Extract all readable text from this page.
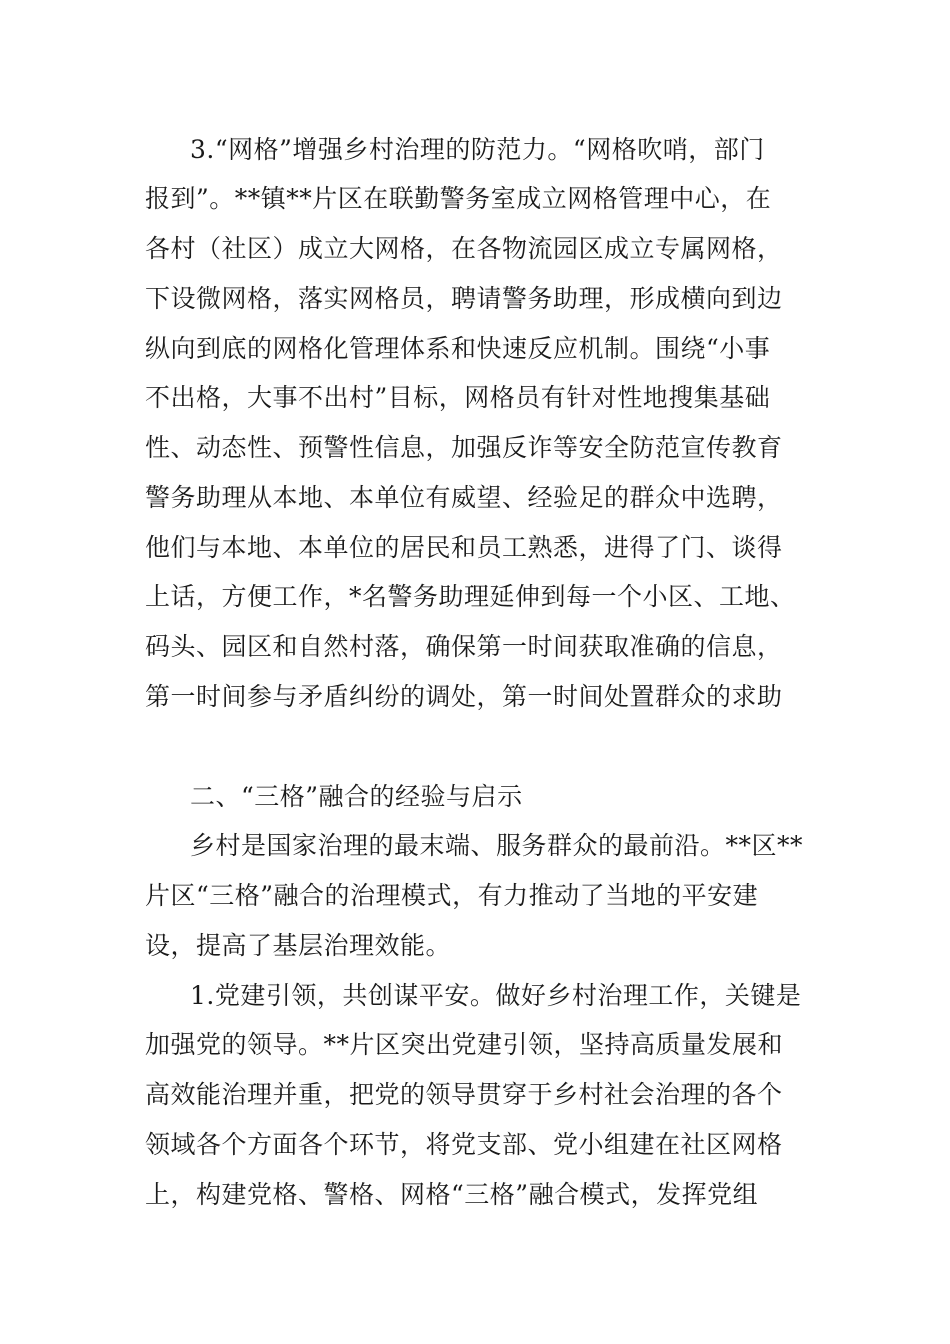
3.“网格”增强乡村治理的防范力。“网格吹哨，部门
报到”。**镇**片区在联勤警务室成立网格管理中心，在
各村（社区）成立大网格，在各物流园区成立专属网格，
下设微网格，落实网格员，聘请警务助理，形成横向到边
纵向到底的网格化管理体系和快速反应机制。围绕“小事
不出格，大事不出村”目标，网格员有针对性地搜集基础
性、动态性、预警性信息，加强反诈等安全防范宣传教育
警务助理从本地、本单位有威望、经验足的群众中选聘，
他们与本地、本单位的居民和员工熟悉，进得了门、谈得
上话，方便工作，*名警务助理延伸到每一个小区、工地、
码头、园区和自然村落，确保第一时间获取准确的信息，
第一时间参与矛盾纠纷的调处，第一时间处置群众的求助
二、“三格”融合的经验与启示
乡村是国家治理的最末端、服务群众的最前沿。**区**
片区“三格”融合的治理模式，有力推动了当地的平安建
设，提高了基层治理效能。
1.党建引领，共创谋平安。做好乡村治理工作，关键是
加强党的领导。**片区突出党建引领，坚持高质量发展和
高效能治理并重，把党的领导贯穿于乡村社会治理的各个
领域各个方面各个环节，将党支部、党小组建在社区网格
上，构建党格、警格、网格“三格”融合模式，发挥党组
